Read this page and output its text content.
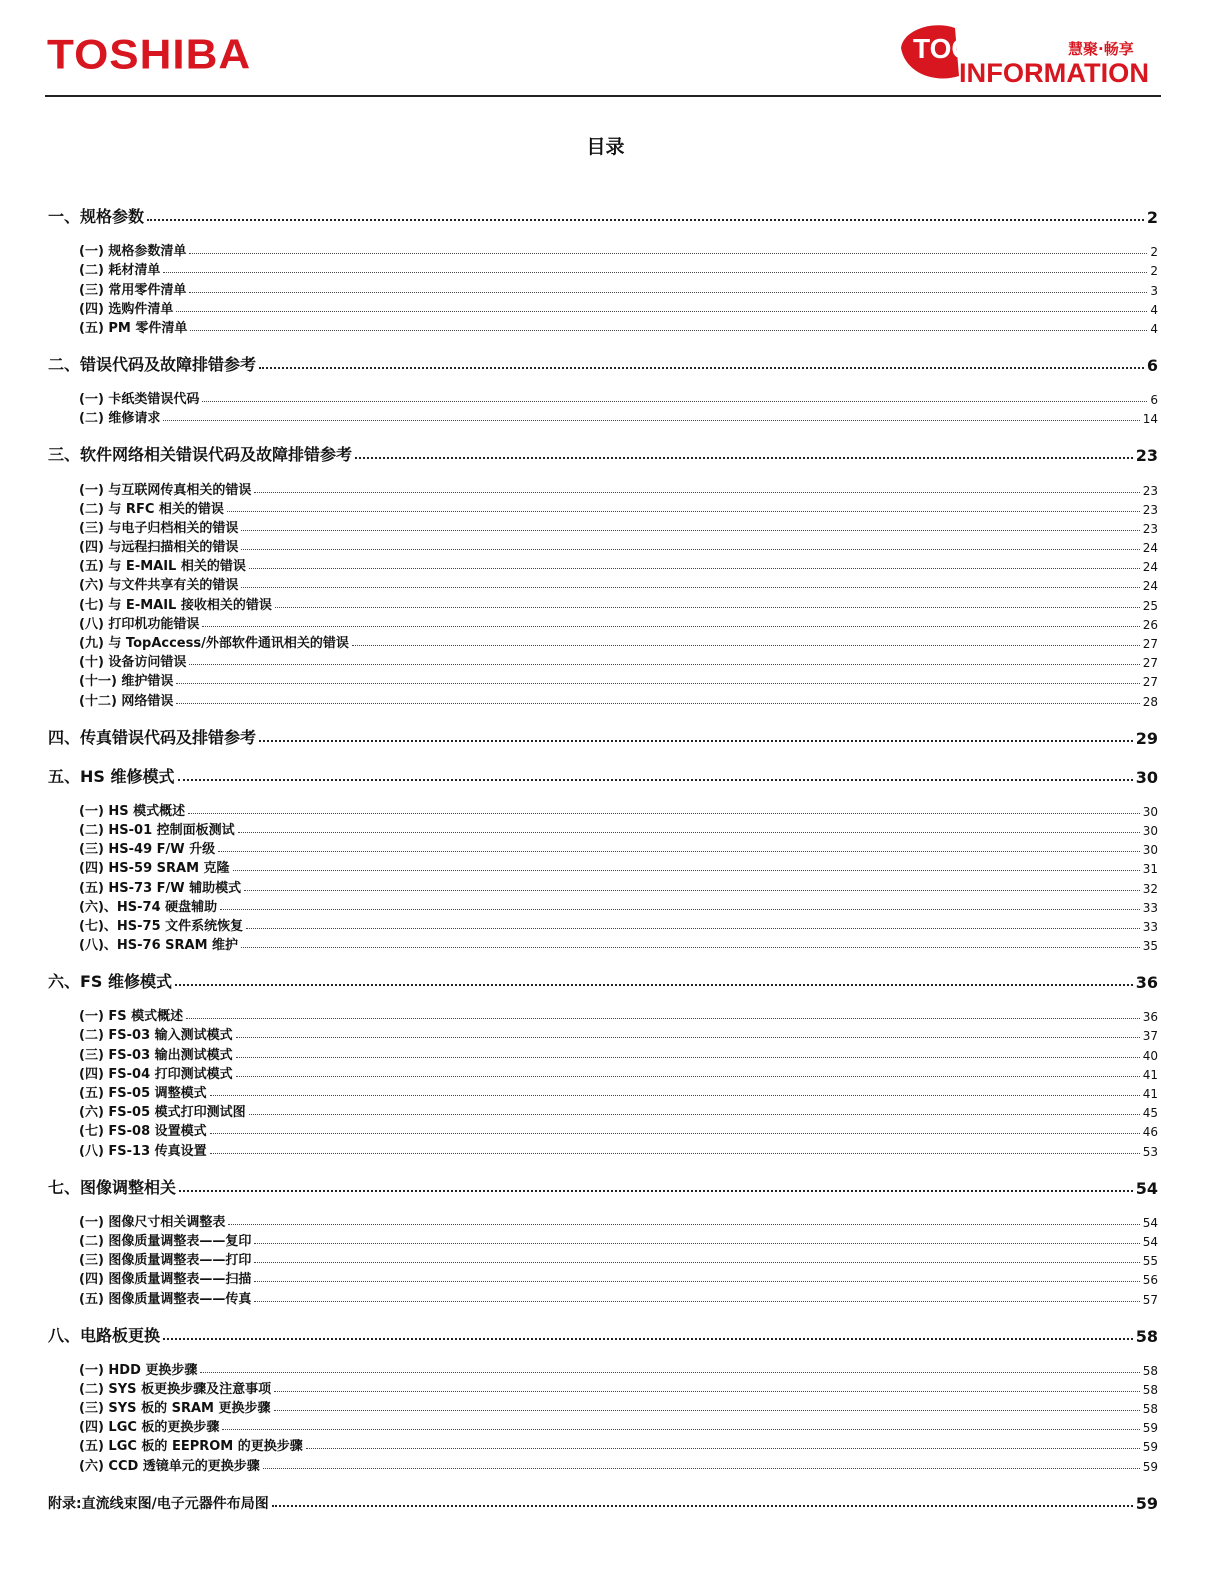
TOSHIBA	TOGETHER
INFORMATION
慧聚·畅享
目录
一、规格参数	2
(一) 规格参数清单	2
(二) 耗材清单	2
(三) 常用零件清单	3
(四) 选购件清单	4
(五) PM 零件清单	4
二、错误代码及故障排错参考	6
(一) 卡纸类错误代码	6
(二) 维修请求	14
三、软件网络相关错误代码及故障排错参考	23
(一) 与互联网传真相关的错误	23
(二) 与 RFC 相关的错误	23
(三) 与电子归档相关的错误	23
(四) 与远程扫描相关的错误	24
(五) 与 E-MAIL 相关的错误	24
(六) 与文件共享有关的错误	24
(七) 与 E-MAIL 接收相关的错误	25
(八) 打印机功能错误	26
(九) 与 TopAccess/外部软件通讯相关的错误	27
(十) 设备访问错误	27
(十一) 维护错误	27
(十二) 网络错误	28
四、传真错误代码及排错参考	29
五、HS 维修模式	30
(一) HS 模式概述	30
(二) HS-01 控制面板测试	30
(三) HS-49 F/W 升级	30
(四) HS-59 SRAM 克隆	31
(五) HS-73 F/W 辅助模式	32
(六)、HS-74 硬盘辅助	33
(七)、HS-75 文件系统恢复	33
(八)、HS-76 SRAM 维护	35
六、FS 维修模式	36
(一) FS 模式概述	36
(二) FS-03 输入测试模式	37
(三) FS-03 输出测试模式	40
(四) FS-04 打印测试模式	41
(五) FS-05 调整模式	41
(六) FS-05 模式打印测试图	45
(七) FS-08 设置模式	46
(八) FS-13 传真设置	53
七、图像调整相关	54
(一) 图像尺寸相关调整表	54
(二) 图像质量调整表——复印	54
(三) 图像质量调整表——打印	55
(四) 图像质量调整表——扫描	56
(五) 图像质量调整表——传真	57
八、电路板更换	58
(一) HDD 更换步骤	58
(二) SYS 板更换步骤及注意事项	58
(三) SYS 板的 SRAM 更换步骤	58
(四) LGC 板的更换步骤	59
(五) LGC 板的 EEPROM 的更换步骤	59
(六) CCD 透镜单元的更换步骤	59
附录:直流线束图/电子元器件布局图	59
